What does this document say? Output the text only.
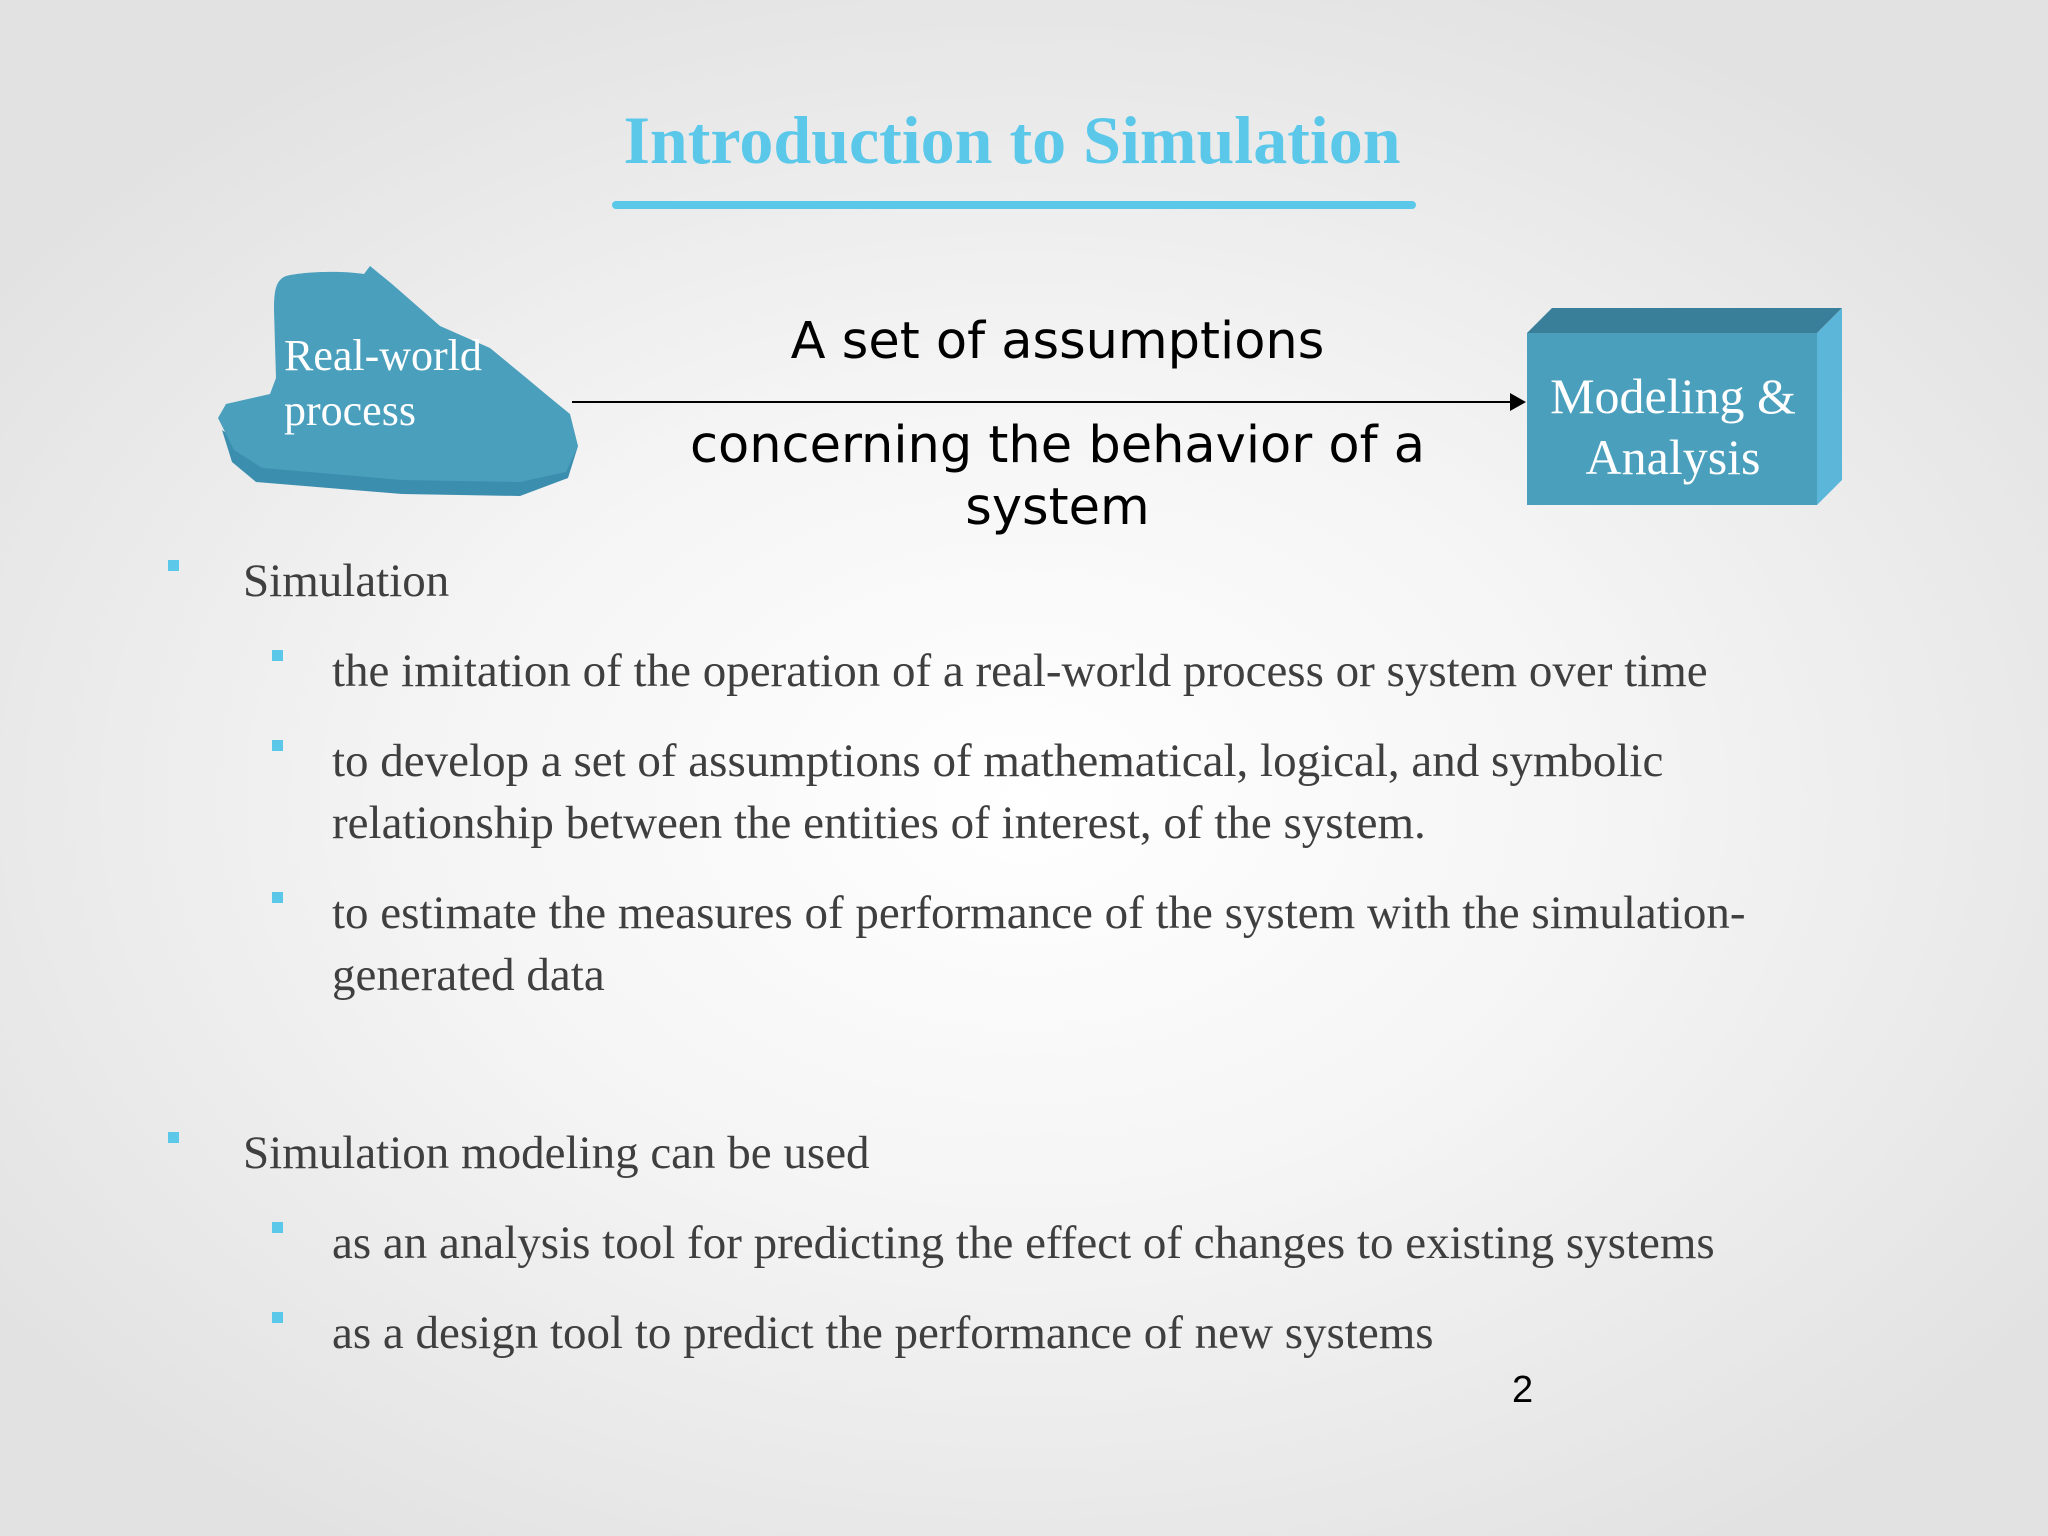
Introduction to Simulation
Real-world process
A set of assumptions
concerning the behavior of a system
Modeling & Analysis
Simulation
the imitation of the operation of a real-world process or system over time
to develop a set of assumptions of mathematical, logical, and symbolic relationship between the entities of interest, of the system.
to estimate the measures of performance of the system with the simulation-generated data
Simulation modeling can be used
as an analysis tool for predicting the effect of changes to existing systems
as a design tool to predict the performance of new systems
2
